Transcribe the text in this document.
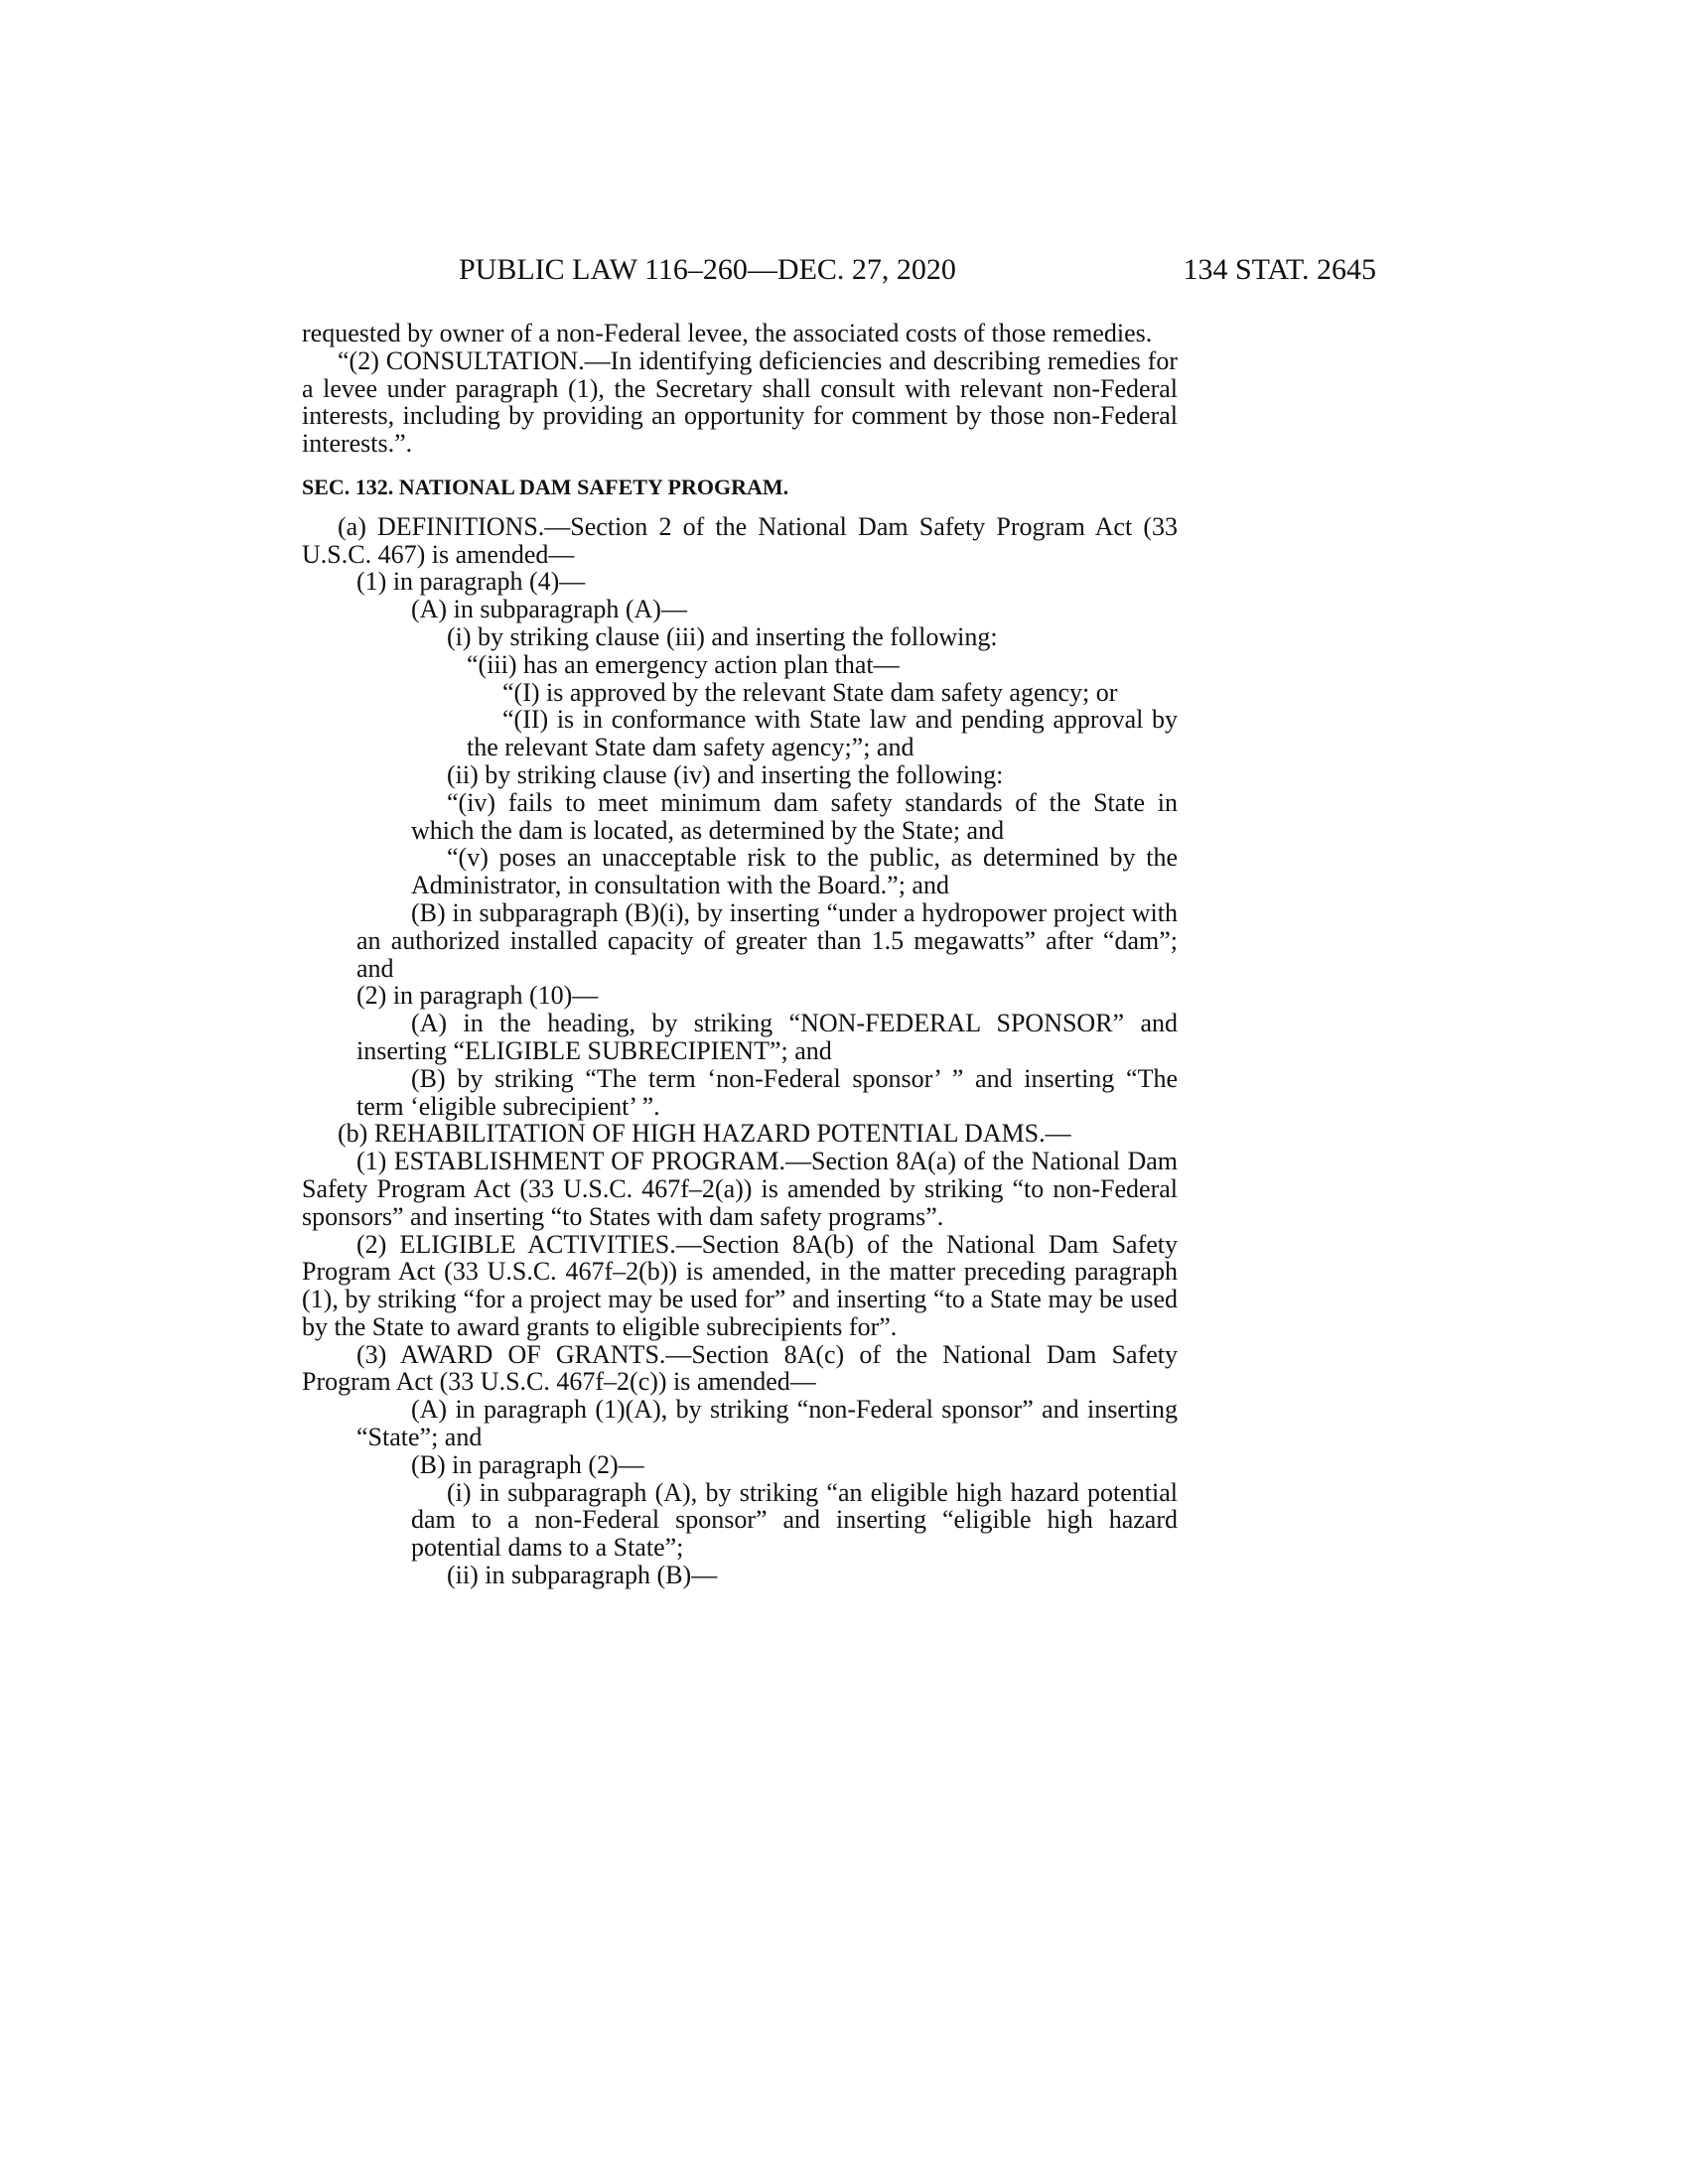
PUBLIC LAW 116–260—DEC. 27, 2020	134 STAT. 2645

requested by owner of a non-Federal levee, the associated costs of those remedies.

“(2) CONSULTATION.—In identifying deficiencies and describing remedies for a levee under paragraph (1), the Secretary shall consult with relevant non-Federal interests, including by providing an opportunity for comment by those non-Federal interests.”.

SEC. 132. NATIONAL DAM SAFETY PROGRAM.

(a) DEFINITIONS.—Section 2 of the National Dam Safety Program Act (33 U.S.C. 467) is amended—

(1) in paragraph (4)—

(A) in subparagraph (A)—

(i) by striking clause (iii) and inserting the following:

“(iii) has an emergency action plan that—

“(I) is approved by the relevant State dam safety agency; or

“(II) is in conformance with State law and pending approval by the relevant State dam safety agency;”; and

(ii) by striking clause (iv) and inserting the following:

“(iv) fails to meet minimum dam safety standards of the State in which the dam is located, as determined by the State; and

“(v) poses an unacceptable risk to the public, as determined by the Administrator, in consultation with the Board.”; and

(B) in subparagraph (B)(i), by inserting “under a hydropower project with an authorized installed capacity of greater than 1.5 megawatts” after “dam”; and

(2) in paragraph (10)—

(A) in the heading, by striking “NON-FEDERAL SPONSOR” and inserting “ELIGIBLE SUBRECIPIENT”; and

(B) by striking “The term ‘non-Federal sponsor’ ” and inserting “The term ‘eligible subrecipient’ ”.

(b) REHABILITATION OF HIGH HAZARD POTENTIAL DAMS.—

(1) ESTABLISHMENT OF PROGRAM.—Section 8A(a) of the National Dam Safety Program Act (33 U.S.C. 467f–2(a)) is amended by striking “to non-Federal sponsors” and inserting “to States with dam safety programs”.

(2) ELIGIBLE ACTIVITIES.—Section 8A(b) of the National Dam Safety Program Act (33 U.S.C. 467f–2(b)) is amended, in the matter preceding paragraph (1), by striking “for a project may be used for” and inserting “to a State may be used by the State to award grants to eligible subrecipients for”.

(3) AWARD OF GRANTS.—Section 8A(c) of the National Dam Safety Program Act (33 U.S.C. 467f–2(c)) is amended—

(A) in paragraph (1)(A), by striking “non-Federal sponsor” and inserting “State”; and

(B) in paragraph (2)—

(i) in subparagraph (A), by striking “an eligible high hazard potential dam to a non-Federal sponsor” and inserting “eligible high hazard potential dams to a State”;

(ii) in subparagraph (B)—
